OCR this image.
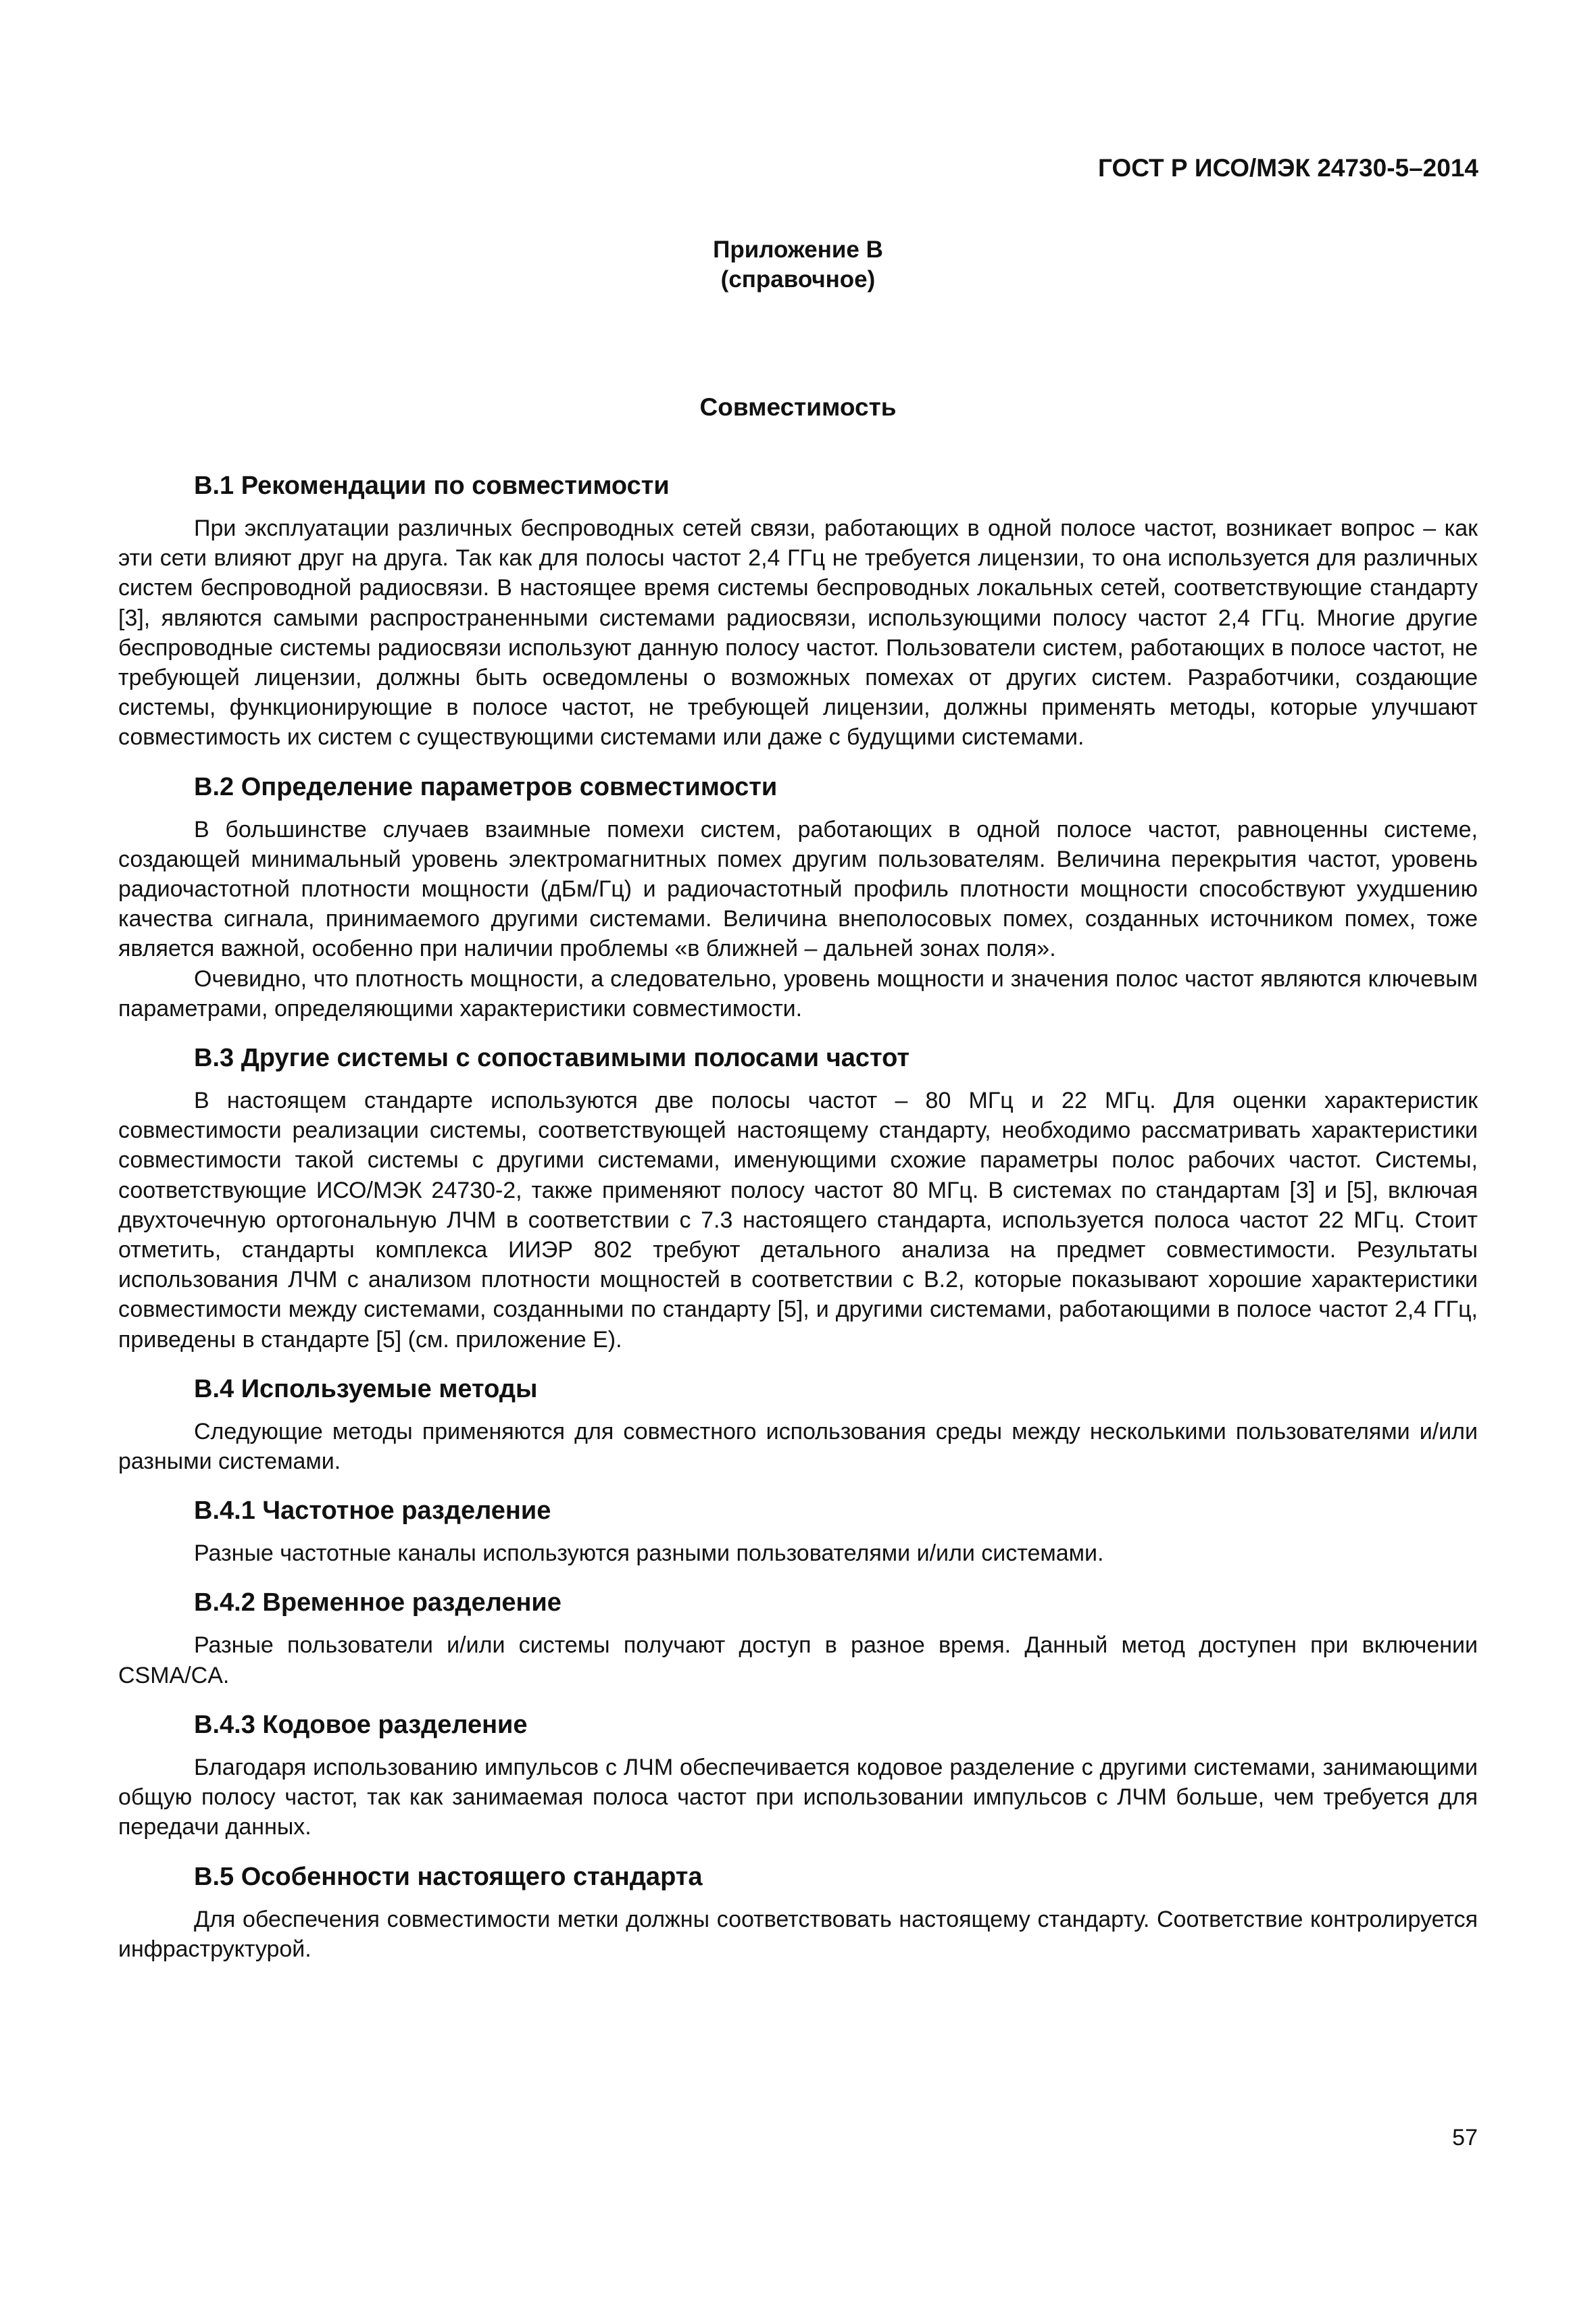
ГОСТ Р ИСО/МЭК 24730-5–2014
Приложение В
(справочное)
Совместимость
В.1 Рекомендации по совместимости

При эксплуатации различных беспроводных сетей связи, работающих в одной полосе частот, возникает вопрос – как эти сети влияют друг на друга. Так как для полосы частот 2,4 ГГц не требуется лицензии, то она используется для различных систем беспроводной радиосвязи. В настоящее время системы беспроводных локальных сетей, соответствующие стандарту [3], являются самыми распространенными системами радиосвязи, использующими полосу частот 2,4 ГГц. Многие другие беспроводные системы радиосвязи используют данную полосу частот. Пользователи систем, работающих в полосе частот, не требующей лицензии, должны быть осведомлены о возможных помехах от других систем. Разработчики, создающие системы, функционирующие в полосе частот, не требующей лицензии, должны применять методы, которые улучшают совместимость их систем с существующими системами или даже с будущими системами.

В.2 Определение параметров совместимости

В большинстве случаев взаимные помехи систем, работающих в одной полосе частот, равноценны системе, создающей минимальный уровень электромагнитных помех другим пользователям. Величина перекрытия частот, уровень радиочастотной плотности мощности (дБм/Гц) и радиочастотный профиль плотности мощности способствуют ухудшению качества сигнала, принимаемого другими системами. Величина внеполосовых помех, созданных источником помех, тоже является важной, особенно при наличии проблемы «в ближней – дальней зонах поля».

Очевидно, что плотность мощности, а следовательно, уровень мощности и значения полос частот являются ключевым параметрами, определяющими характеристики совместимости.

В.3 Другие системы с сопоставимыми полосами частот

В настоящем стандарте используются две полосы частот – 80 МГц и 22 МГц. Для оценки характеристик совместимости реализации системы, соответствующей настоящему стандарту, необходимо рассматривать характеристики совместимости такой системы с другими системами, именующими схожие параметры полос рабочих частот. Системы, соответствующие ИСО/МЭК 24730-2, также применяют полосу частот 80 МГц. В системах по стандартам [3] и [5], включая двухточечную ортогональную ЛЧМ в соответствии с 7.3 настоящего стандарта, используется полоса частот 22 МГц. Стоит отметить, стандарты комплекса ИИЭР 802 требуют детального анализа на предмет совместимости. Результаты использования ЛЧМ с анализом плотности мощностей в соответствии с В.2, которые показывают хорошие характеристики совместимости между системами, созданными по стандарту [5], и другими системами, работающими в полосе частот 2,4 ГГц, приведены в стандарте [5] (см. приложение Е).

В.4 Используемые методы

Следующие методы применяются для совместного использования среды между несколькими пользователями и/или разными системами.

В.4.1 Частотное разделение

Разные частотные каналы используются разными пользователями и/или системами.

В.4.2 Временное разделение

Разные пользователи и/или системы получают доступ в разное время. Данный метод доступен при включении CSMA/CA.

В.4.3 Кодовое разделение

Благодаря использованию импульсов с ЛЧМ обеспечивается кодовое разделение с другими системами, занимающими общую полосу частот, так как занимаемая полоса частот при использовании импульсов с ЛЧМ больше, чем требуется для передачи данных.

В.5 Особенности настоящего стандарта

Для обеспечения совместимости метки должны соответствовать настоящему стандарту. Соответствие контролируется инфраструктурой.

57
